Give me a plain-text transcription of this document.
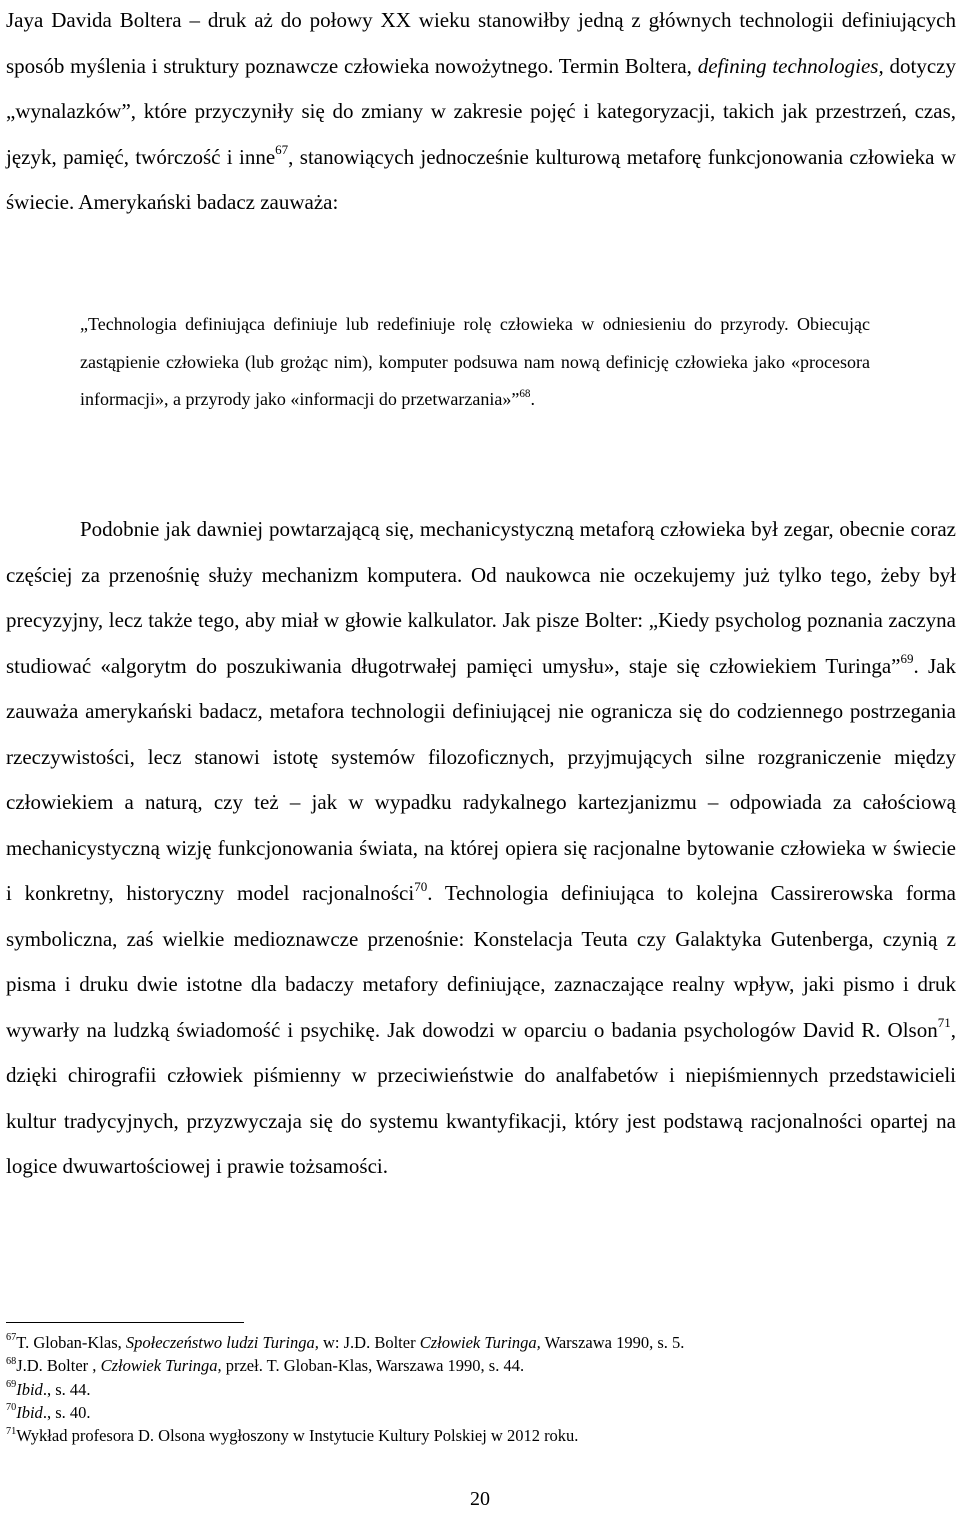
Jaya Davida Boltera – druk aż do połowy XX wieku stanowiłby jedną z głównych technologii definiujących sposób myślenia i struktury poznawcze człowieka nowożytnego. Termin Boltera, defining technologies, dotyczy „wynalazków”, które przyczyniły się do zmiany w zakresie pojęć i kategoryzacji, takich jak przestrzeń, czas, język, pamięć, twórczość i inne$^{67}$, stanowiących jednocześnie kulturową metaforę funkcjonowania człowieka w świecie. Amerykański badacz zauważa:

„Technologia definiująca definiuje lub redefiniuje rolę człowieka w odniesieniu do przyrody. Obiecując zastąpienie człowieka (lub grożąc nim), komputer podsuwa nam nową definicję człowieka jako «procesora informacji», a przyrody jako «informacji do przetwarzania»”$^{68}$.

Podobnie jak dawniej powtarzającą się, mechanicystyczną metaforą człowieka był zegar, obecnie coraz częściej za przenośnię służy mechanizm komputera. Od naukowca nie oczekujemy już tylko tego, żeby był precyzyjny, lecz także tego, aby miał w głowie kalkulator. Jak pisze Bolter: „Kiedy psycholog poznania zaczyna studiować «algorytm do poszukiwania długotrwałej pamięci umysłu», staje się człowiekiem Turinga”$^{69}$. Jak zauważa amerykański badacz, metafora technologii definiującej nie ogranicza się do codziennego postrzegania rzeczywistości, lecz stanowi istotę systemów filozoficznych, przyjmujących silne rozgraniczenie między człowiekiem a naturą, czy też – jak w wypadku radykalnego kartezjanizmu – odpowiada za całościową mechanicystyczną wizję funkcjonowania świata, na której opiera się racjonalne bytowanie człowieka w świecie i konkretny, historyczny model racjonalności$^{70}$. Technologia definiująca to kolejna Cassirerowska forma symboliczna, zaś wielkie medioznawcze przenośnie: Konstelacja Teuta czy Galaktyka Gutenberga, czynią z pisma i druku dwie istotne dla badaczy metafory definiujące, zaznaczające realny wpływ, jaki pismo i druk wywarły na ludzką świadomość i psychikę. Jak dowodzi w oparciu o badania psychologów David R. Olson$^{71}$, dzięki chirografii człowiek piśmienny w przeciwieństwie do analfabetów i niepiśmiennych przedstawicieli kultur tradycyjnych, przyzwyczaja się do systemu kwantyfikacji, który jest podstawą racjonalności opartej na logice dwuwartościowej i prawie tożsamości.

$^{67}$T. Globan-Klas, Społeczeństwo ludzi Turinga, w: J.D. Bolter Człowiek Turinga, Warszawa 1990, s. 5.

$^{68}$J.D. Bolter , Człowiek Turinga, przeł. T. Globan-Klas, Warszawa 1990, s. 44.

$^{69}$Ibid., s. 44.

$^{70}$Ibid., s. 40.

$^{71}$Wykład profesora D. Olsona wygłoszony w Instytucie Kultury Polskiej w 2012 roku.

20
